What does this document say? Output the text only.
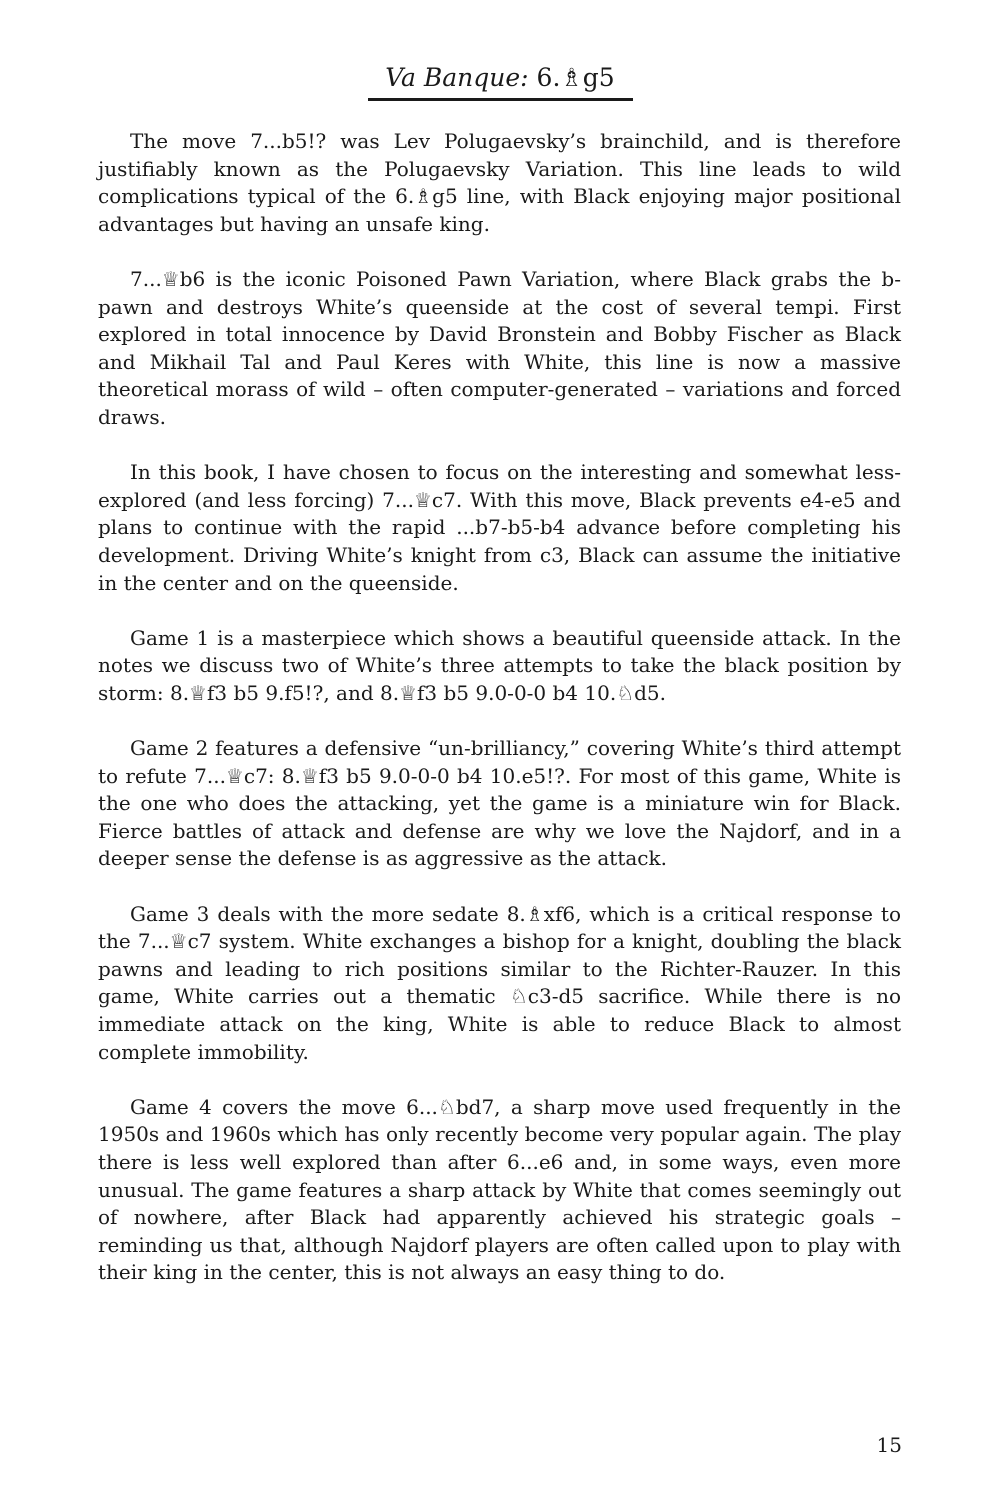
Va Banque: 6.♗g5

The move 7...b5!? was Lev Polugaevsky’s brainchild, and is therefore justifiably known as the Polugaevsky Variation. This line leads to wild complications typical of the 6.♗g5 line, with Black enjoying major positional advantages but having an unsafe king.

7...♕b6 is the iconic Poisoned Pawn Variation, where Black grabs the b-pawn and destroys White’s queenside at the cost of several tempi. First explored in total innocence by David Bronstein and Bobby Fischer as Black and Mikhail Tal and Paul Keres with White, this line is now a massive theoretical morass of wild – often computer-generated – variations and forced draws.

In this book, I have chosen to focus on the interesting and somewhat less-explored (and less forcing) 7...♕c7. With this move, Black prevents e4-e5 and plans to continue with the rapid ...b7-b5-b4 advance before completing his development. Driving White’s knight from c3, Black can assume the initiative in the center and on the queenside.

Game 1 is a masterpiece which shows a beautiful queenside attack. In the notes we discuss two of White’s three attempts to take the black position by storm: 8.♕f3 b5 9.f5!?, and 8.♕f3 b5 9.0-0-0 b4 10.♘d5.

Game 2 features a defensive “un-brilliancy,” covering White’s third attempt to refute 7...♕c7: 8.♕f3 b5 9.0-0-0 b4 10.e5!?. For most of this game, White is the one who does the attacking, yet the game is a miniature win for Black. Fierce battles of attack and defense are why we love the Najdorf, and in a deeper sense the defense is as aggressive as the attack.

Game 3 deals with the more sedate 8.♗xf6, which is a critical response to the 7...♕c7 system. White exchanges a bishop for a knight, doubling the black pawns and leading to rich positions similar to the Richter-Rauzer. In this game, White carries out a thematic ♘c3-d5 sacrifice. While there is no immediate attack on the king, White is able to reduce Black to almost complete immobility.

Game 4 covers the move 6...♘bd7, a sharp move used frequently in the 1950s and 1960s which has only recently become very popular again. The play there is less well explored than after 6...e6 and, in some ways, even more unusual. The game features a sharp attack by White that comes seemingly out of nowhere, after Black had apparently achieved his strategic goals – reminding us that, although Najdorf players are often called upon to play with their king in the center, this is not always an easy thing to do.

15
